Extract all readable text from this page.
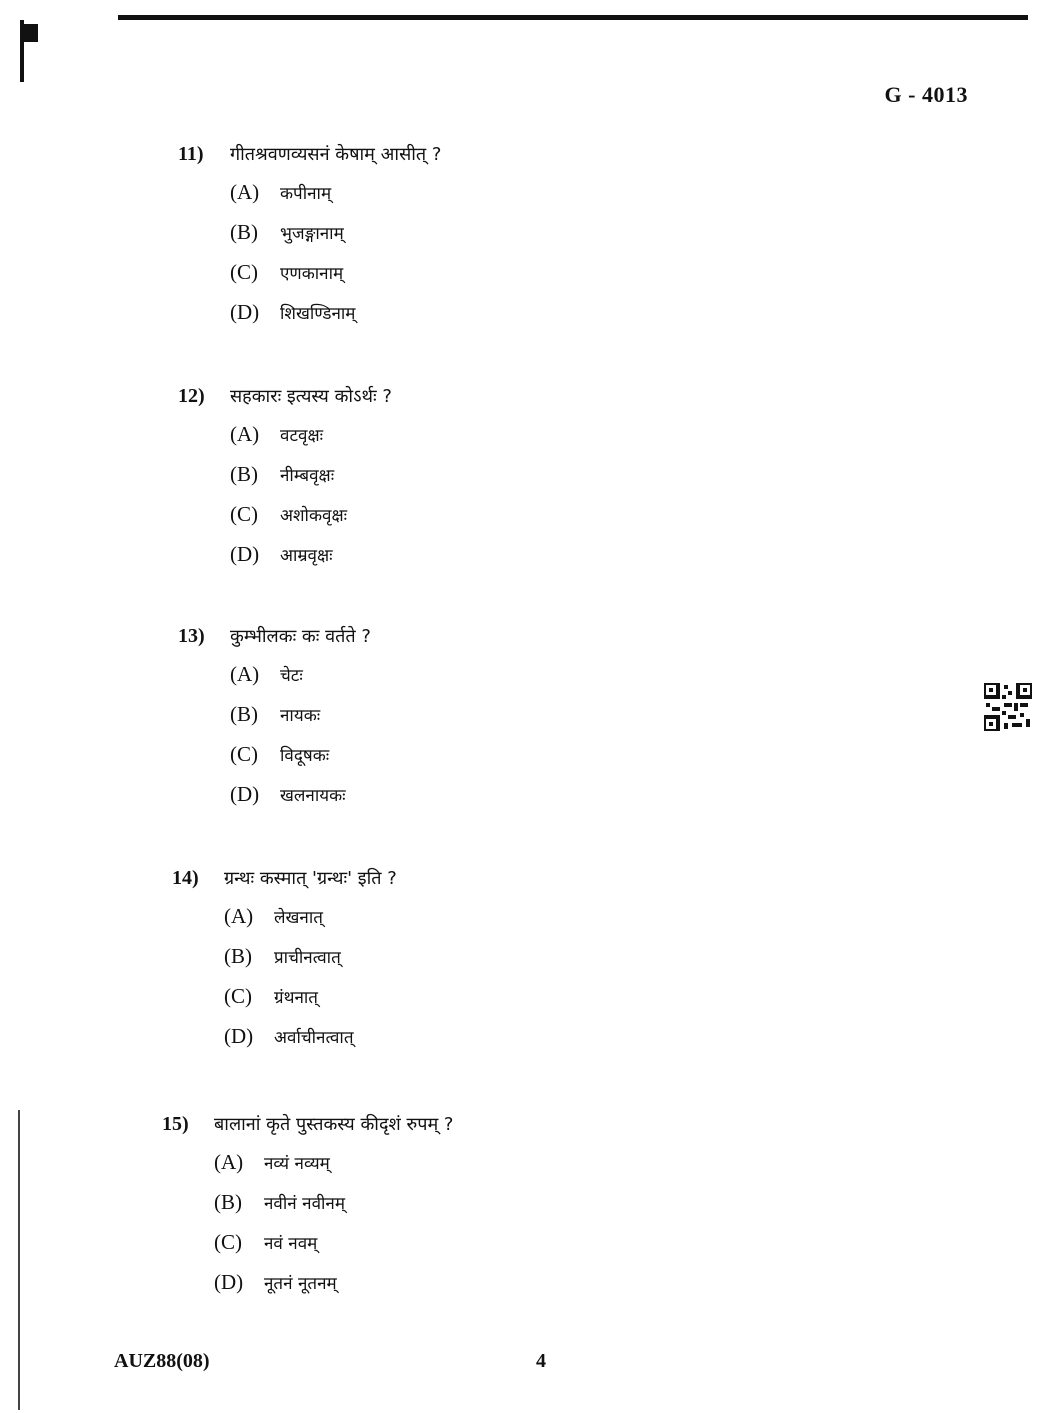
G - 4013
11)	गीतश्रवणव्यसनं केषाम् आसीत् ?
(A)	कपीनाम्
(B)	भुजङ्गानाम्
(C)	एणकानाम्
(D)	शिखण्डिनाम्
12)	सहकारः इत्यस्य कोऽर्थः ?
(A)	वटवृक्षः
(B)	नीम्बवृक्षः
(C)	अशोकवृक्षः
(D)	आम्रवृक्षः
13)	कुम्भीलकः कः वर्तते ?
(A)	चेटः
(B)	नायकः
(C)	विदूषकः
(D)	खलनायकः
14)	ग्रन्थः कस्मात् 'ग्रन्थः' इति ?
(A)	लेखनात्
(B)	प्राचीनत्वात्
(C)	ग्रंथनात्
(D)	अर्वाचीनत्वात्
15)	बालानां कृते पुस्तकस्य कीदृशं रुपम् ?
(A)	नव्यं नव्यम्
(B)	नवीनं नवीनम्
(C)	नवं नवम्
(D)	नूतनं नूतनम्
AUZ88(08)	4
